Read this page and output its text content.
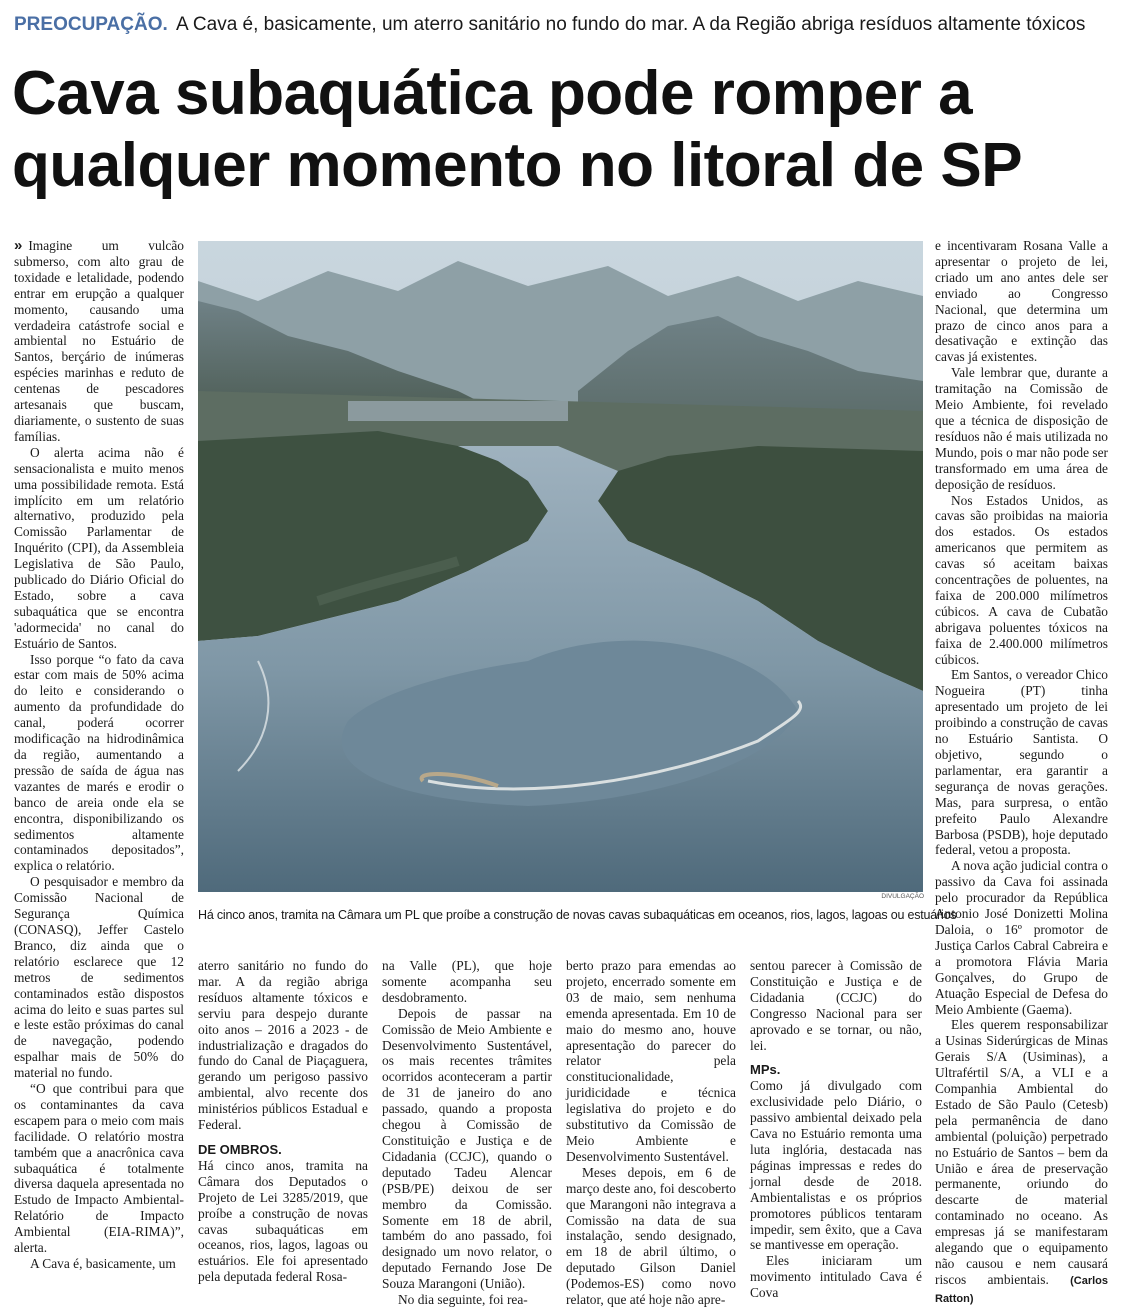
PREOCUPAÇÃO. A Cava é, basicamente, um aterro sanitário no fundo do mar. A da Região abriga resíduos altamente tóxicos
Cava subaquática pode romper a
qualquer momento no litoral de SP

» Imagine um vulcão submerso, com alto grau de toxidade e letalidade, podendo entrar em erupção a qualquer momento, causando uma verdadeira catástrofe social e ambiental no Estuário de Santos, berçário de inúmeras espécies marinhas e reduto de centenas de pescadores artesanais que buscam, diariamente, o sustento de suas famílias.

O alerta acima não é sensacionalista e muito menos uma possibilidade remota. Está implícito em um relatório alternativo, produzido pela Comissão Parlamentar de Inquérito (CPI), da Assembleia Legislativa de São Paulo, publicado do Diário Oficial do Estado, sobre a cava subaquática que se encontra 'adormecida' no canal do Estuário de Santos.

Isso porque “o fato da cava estar com mais de 50% acima do leito e considerando o aumento da profundidade do canal, poderá ocorrer modificação na hidrodinâmica da região, aumentando a pressão de saída de água nas vazantes de marés e erodir o banco de areia onde ela se encontra, disponibilizando os sedimentos altamente contaminados depositados”, explica o relatório.

O pesquisador e membro da Comissão Nacional de Segurança Química (CONASQ), Jeffer Castelo Branco, diz ainda que o relatório esclarece que 12 metros de sedimentos contaminados estão dispostos acima do leito e suas partes sul e leste estão próximas do canal de navegação, podendo espalhar mais de 50% do material no fundo.

“O que contribui para que os contaminantes da cava escapem para o meio com mais facilidade. O relatório mostra também que a anacrônica cava subaquática é totalmente diversa daquela apresentada no Estudo de Impacto Ambiental-Relatório de Impacto Ambiental (EIA-RIMA)”, alerta.

A Cava é, basicamente, um

DIVULGAÇÃO
Há cinco anos, tramita na Câmara um PL que proíbe a construção de novas cavas subaquáticas em oceanos, rios, lagos, lagoas ou estuários

aterro sanitário no fundo do mar. A da região abriga resíduos altamente tóxicos e serviu para despejo durante oito anos – 2016 a 2023 - de industrialização e dragados do fundo do Canal de Piaçaguera, gerando um perigoso passivo ambiental, alvo recente dos ministérios públicos Estadual e Federal.

DE OMBROS.

Há cinco anos, tramita na Câmara dos Deputados o Projeto de Lei 3285/2019, que proíbe a construção de novas cavas subaquáticas em oceanos, rios, lagos, lagoas ou estuários. Ele foi apresentado pela deputada federal Rosa-

na Valle (PL), que hoje somente acompanha seu desdobramento.

Depois de passar na Comissão de Meio Ambiente e Desenvolvimento Sustentável, os mais recentes trâmites ocorridos aconteceram a partir de 31 de janeiro do ano passado, quando a proposta chegou à Comissão de Constituição e Justiça e de Cidadania (CCJC), quando o deputado Tadeu Alencar (PSB/PE) deixou de ser membro da Comissão. Somente em 18 de abril, também do ano passado, foi designado um novo relator, o deputado Fernando Jose De Souza Marangoni (União).

No dia seguinte, foi rea-

berto prazo para emendas ao projeto, encerrado somente em 03 de maio, sem nenhuma emenda apresentada. Em 10 de maio do mesmo ano, houve apresentação do parecer do relator pela constitucionalidade, juridicidade e técnica legislativa do projeto e do substitutivo da Comissão de Meio Ambiente e Desenvolvimento Sustentável.

Meses depois, em 6 de março deste ano, foi descoberto que Marangoni não integrava a Comissão na data de sua instalação, sendo designado, em 18 de abril último, o deputado Gilson Daniel (Podemos-ES) como novo relator, que até hoje não apre-

sentou parecer à Comissão de Constituição e Justiça e de Cidadania (CCJC) do Congresso Nacional para ser aprovado e se tornar, ou não, lei.

MPs.

Como já divulgado com exclusividade pelo Diário, o passivo ambiental deixado pela Cava no Estuário remonta uma luta inglória, destacada nas páginas impressas e redes do jornal desde de 2018. Ambientalistas e os próprios promotores públicos tentaram impedir, sem êxito, que a Cava se mantivesse em operação.

Eles iniciaram um movimento intitulado Cava é Cova

e incentivaram Rosana Valle a apresentar o projeto de lei, criado um ano antes dele ser enviado ao Congresso Nacional, que determina um prazo de cinco anos para a desativação e extinção das cavas já existentes.

Vale lembrar que, durante a tramitação na Comissão de Meio Ambiente, foi revelado que a técnica de disposição de resíduos não é mais utilizada no Mundo, pois o mar não pode ser transformado em uma área de deposição de resíduos.

Nos Estados Unidos, as cavas são proibidas na maioria dos estados. Os estados americanos que permitem as cavas só aceitam baixas concentrações de poluentes, na faixa de 200.000 milímetros cúbicos. A cava de Cubatão abrigava poluentes tóxicos na faixa de 2.400.000 milímetros cúbicos.

Em Santos, o vereador Chico Nogueira (PT) tinha apresentado um projeto de lei proibindo a construção de cavas no Estuário Santista. O objetivo, segundo o parlamentar, era garantir a segurança de novas gerações. Mas, para surpresa, o então prefeito Paulo Alexandre Barbosa (PSDB), hoje deputado federal, vetou a proposta.

A nova ação judicial contra o passivo da Cava foi assinada pelo procurador da República Antonio José Donizetti Molina Daloia, o 16º promotor de Justiça Carlos Cabral Cabreira e a promotora Flávia Maria Gonçalves, do Grupo de Atuação Especial de Defesa do Meio Ambiente (Gaema).

Eles querem responsabilizar a Usinas Siderúrgicas de Minas Gerais S/A (Usiminas), a Ultrafértil S/A, a VLI e a Companhia Ambiental do Estado de São Paulo (Cetesb) pela permanência de dano ambiental (poluição) perpetrado no Estuário de Santos – bem da União e área de preservação permanente, oriundo do descarte de material contaminado no oceano. As empresas já se manifestaram alegando que o equipamento não causou e nem causará riscos ambientais. (Carlos Ratton)
